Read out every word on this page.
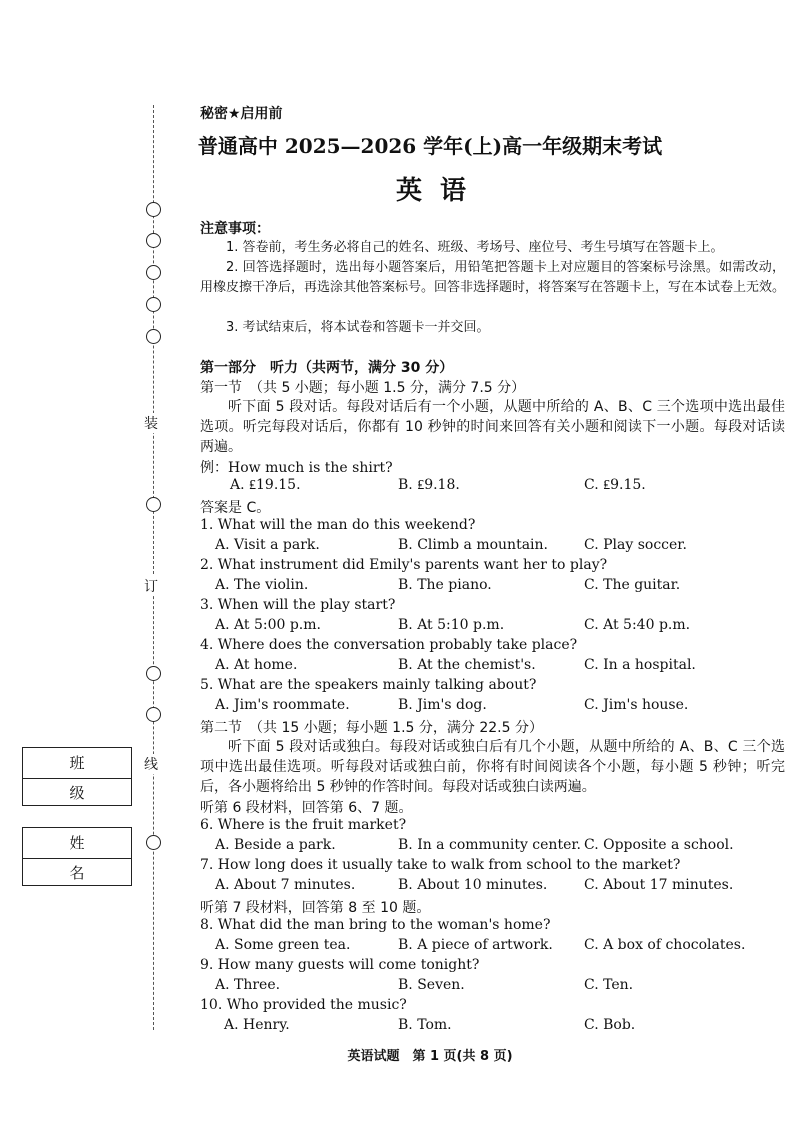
装
订
线
班级
姓名
秘密★启用前
普通高中 2025—2026 学年(上)高一年级期末考试
英语
注意事项：
1. 答卷前，考生务必将自己的姓名、班级、考场号、座位号、考生号填写在答题卡上。
2. 回答选择题时，选出每小题答案后，用铅笔把答题卡上对应题目的答案标号涂黑。如需改动，用橡皮擦干净后，再选涂其他答案标号。回答非选择题时，将答案写在答题卡上，写在本试卷上无效。
3. 考试结束后，将本试卷和答题卡一并交回。
第一部分　听力（共两节，满分 30 分）
第一节　（共 5 小题；每小题 1.5 分，满分 7.5 分）
听下面 5 段对话。每段对话后有一个小题，从题中所给的 A、B、C 三个选项中选出最佳选项。听完每段对话后，你都有 10 秒钟的时间来回答有关小题和阅读下一小题。每段对话读两遍。
例：How much is the shirt?
A. ₤19.15.	B. ₤9.18.	C. ₤9.15.
答案是 C。
1. What will the man do this weekend?
A. Visit a park.	B. Climb a mountain.	C. Play soccer.
2. What instrument did Emily's parents want her to play?
A. The violin.	B. The piano.	C. The guitar.
3. When will the play start?
A. At 5:00 p.m.	B. At 5:10 p.m.	C. At 5:40 p.m.
4. Where does the conversation probably take place?
A. At home.	B. At the chemist's.	C. In a hospital.
5. What are the speakers mainly talking about?
A. Jim's roommate.	B. Jim's dog.	C. Jim's house.
第二节　（共 15 小题；每小题 1.5 分，满分 22.5 分）
听下面 5 段对话或独白。每段对话或独白后有几个小题，从题中所给的 A、B、C 三个选项中选出最佳选项。听每段对话或独白前，你将有时间阅读各个小题，每小题 5 秒钟；听完后，各小题将给出 5 秒钟的作答时间。每段对话或独白读两遍。
听第 6 段材料，回答第 6、7 题。
6. Where is the fruit market?
A. Beside a park.	B. In a community center. C. Opposite a school.
7. How long does it usually take to walk from school to the market?
A. About 7 minutes.	B. About 10 minutes.	C. About 17 minutes.
听第 7 段材料，回答第 8 至 10 题。
8. What did the man bring to the woman's home?
A. Some green tea.	B. A piece of artwork. C. A box of chocolates.
9. How many guests will come tonight?
A. Three.	B. Seven.	C. Ten.
10. Who provided the music?
A. Henry.	B. Tom.	C. Bob.
英语试题　第 1 页(共 8 页)
